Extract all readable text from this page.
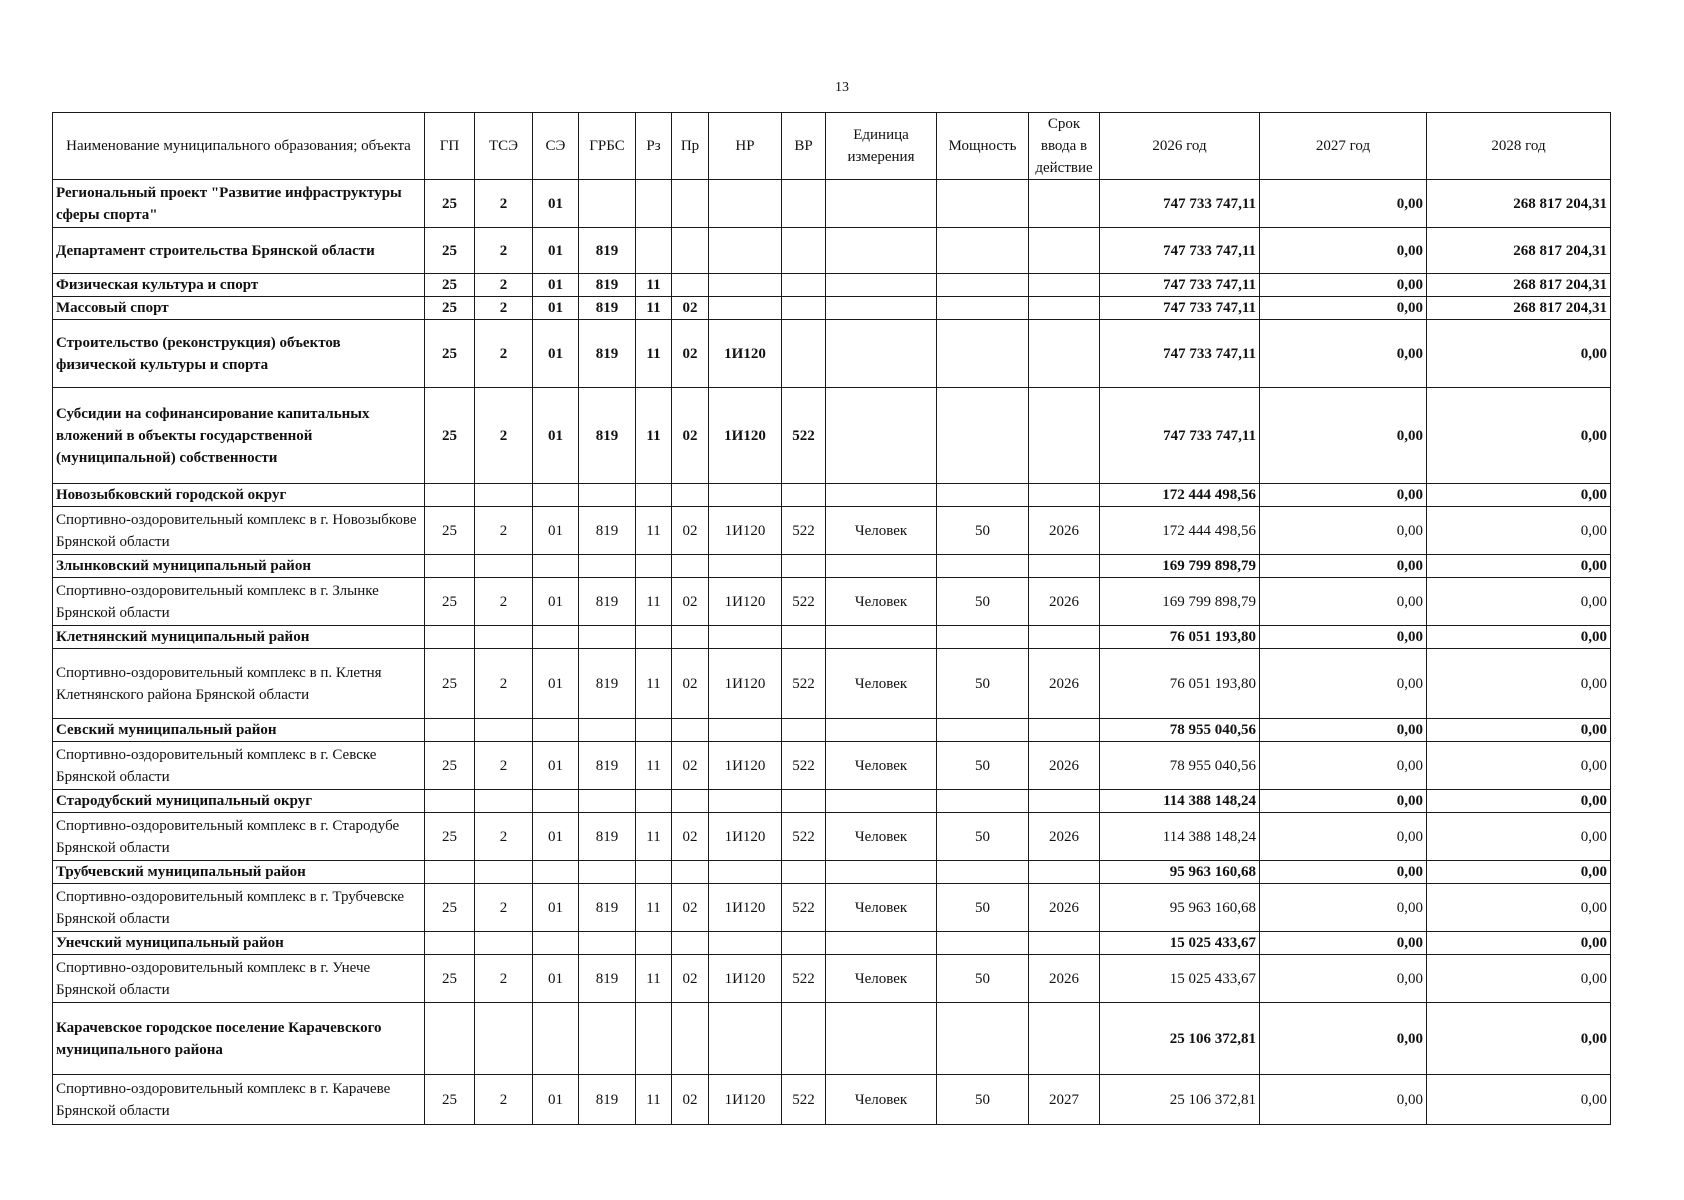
13
Наименование муниципального образования; объекта	ГП	ТСЭ	СЭ	ГРБС	Рз	Пр	НР	ВР	Единица измерения	Мощность	Срок ввода в действие	2026 год	2027 год	2028 год
Региональный проект "Развитие инфраструктуры сферы спорта"	25	2	01									747 733 747,11	0,00	268 817 204,31
Департамент строительства Брянской области	25	2	01	819								747 733 747,11	0,00	268 817 204,31
Физическая культура и спорт	25	2	01	819	11							747 733 747,11	0,00	268 817 204,31
Массовый спорт	25	2	01	819	11	02						747 733 747,11	0,00	268 817 204,31
Строительство (реконструкция) объектов физической культуры и спорта	25	2	01	819	11	02	1И120					747 733 747,11	0,00	0,00
Субсидии на софинансирование капитальных вложений в объекты государственной (муниципальной) собственности	25	2	01	819	11	02	1И120	522				747 733 747,11	0,00	0,00
Новозыбковский городской округ												172 444 498,56	0,00	0,00
Спортивно-оздоровительный комплекс в г. Новозыбкове Брянской области	25	2	01	819	11	02	1И120	522	Человек	50	2026	172 444 498,56	0,00	0,00
Злынковский муниципальный район												169 799 898,79	0,00	0,00
Спортивно-оздоровительный комплекс в г. Злынке Брянской области	25	2	01	819	11	02	1И120	522	Человек	50	2026	169 799 898,79	0,00	0,00
Клетнянский муниципальный район												76 051 193,80	0,00	0,00
Спортивно-оздоровительный комплекс в п. Клетня Клетнянского района Брянской области	25	2	01	819	11	02	1И120	522	Человек	50	2026	76 051 193,80	0,00	0,00
Севский муниципальный район												78 955 040,56	0,00	0,00
Спортивно-оздоровительный комплекс в г. Севске Брянской области	25	2	01	819	11	02	1И120	522	Человек	50	2026	78 955 040,56	0,00	0,00
Стародубский муниципальный округ												114 388 148,24	0,00	0,00
Спортивно-оздоровительный комплекс в г. Стародубе Брянской области	25	2	01	819	11	02	1И120	522	Человек	50	2026	114 388 148,24	0,00	0,00
Трубчевский муниципальный район												95 963 160,68	0,00	0,00
Спортивно-оздоровительный комплекс в г. Трубчевске Брянской области	25	2	01	819	11	02	1И120	522	Человек	50	2026	95 963 160,68	0,00	0,00
Унечский муниципальный район												15 025 433,67	0,00	0,00
Спортивно-оздоровительный комплекс в г. Унече Брянской области	25	2	01	819	11	02	1И120	522	Человек	50	2026	15 025 433,67	0,00	0,00
Карачевское городское поселение Карачевского муниципального района												25 106 372,81	0,00	0,00
Спортивно-оздоровительный комплекс в г. Карачеве Брянской области	25	2	01	819	11	02	1И120	522	Человек	50	2027	25 106 372,81	0,00	0,00
